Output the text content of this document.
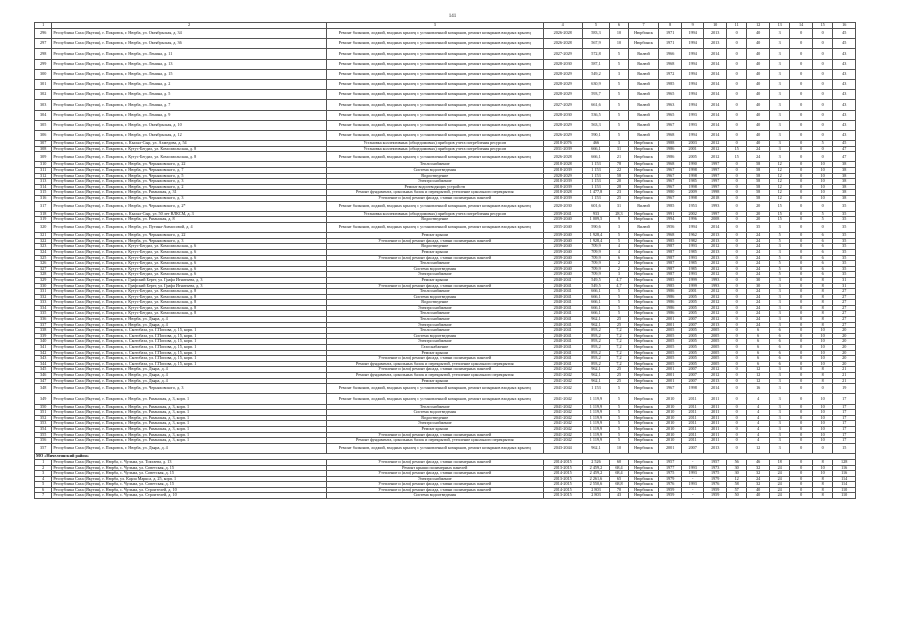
141
1	2	3	4	5	6	7	8	9	10	11	12	13	14	15	16
296	Республика Саха (Якутия), г. Покровск, г. Нюрба, ул. Октябрьская, д. 34	Ремонт балконов, лоджий, входных крылец с установленной козырьков, ремонт козырьков входных крылец	2026-2028	583,3	10	Нюрбинск	1971	1994	2013	0	40	3	0	0	45
297	Республика Саха (Якутия), г. Покровск, г. Нюрба, ул. Октябрьская, д. 36	Ремонт балконов, лоджий, входных крылец с установленной козырьков, ремонт козырьков входных крылец	2026-2028	567,9	10	Нюрбинск	1971	1994	2013	0	40	3	0	0	45
298	Республика Саха (Якутия), г. Покровск, г. Нюрба, ул. Ленина, д. 11	Ремонт балконов, лоджий, входных крылец с установленной козырьков, ремонт козырьков входных крылец	2027-2029	572,8	5	Вилюй	1966	1994	2014	0	40	3	0	0	43
299	Республика Саха (Якутия), г. Покровск, г. Нюрба, ул. Ленина, д. 13	Ремонт балконов, лоджий, входных крылец с установленной козырьков, ремонт козырьков входных крылец	2028-2030	587,1	5	Вилюй	1968	1994	2014	0	40	3	0	0	43
300	Республика Саха (Якутия), г. Покровск, г. Нюрба, ул. Ленина, д. 15	Ремонт балконов, лоджий, входных крылец с установленной козырьков, ремонт козырьков входных крылец	2028-2029	549,2	3	Вилюй	1972	1994	2014	0	40	3	0	0	43
301	Республика Саха (Якутия), г. Покровск, г. Нюрба, ул. Ленина, д. 2	Ремонт балконов, лоджий, входных крылец с установленной козырьков, ремонт козырьков входных крылец	2028-2029	630,9	5	Вилюй	1985	1994	2014	0	40	3	0	0	43
302	Республика Саха (Якутия), г. Покровск, г. Нюрба, ул. Ленина, д. 5	Ремонт балконов, лоджий, входных крылец с установленной козырьков, ремонт козырьков входных крылец	2028-2029	593,7	5	Вилюй	1965	1994	2014	0	40	3	0	0	43
303	Республика Саха (Якутия), г. Покровск, г. Нюрба, ул. Ленина, д. 7	Ремонт балконов, лоджий, входных крылец с установленной козырьков, ремонт козырьков входных крылец	2027-2029	661,6	5	Вилюй	1963	1994	2014	0	40	3	0	0	43
304	Республика Саха (Якутия), г. Покровск, г. Нюрба, ул. Ленина, д. 9	Ремонт балконов, лоджий, входных крылец с установленной козырьков, ремонт козырьков входных крылец	2028-2030	536,5	5	Вилюй	1965	1993	2014	0	40	3	0	0	43
305	Республика Саха (Якутия), г. Покровск, г. Нюрба, ул. Октябрьская, д. 10	Ремонт балконов, лоджий, входных крылец с установленной козырьков, ремонт козырьков входных крылец	2028-2029	563,3	5	Вилюй	1967	1993	2014	0	40	3	0	0	43
306	Республика Саха (Якутия), г. Покровск, г. Нюрба, ул. Октябрьская, д. 12	Ремонт балконов, лоджий, входных крылец с установленной козырьков, ремонт козырьков входных крылец	2026-2029	590,1	5	Вилюй	1968	1994	2014	0	40	3	0	0	43
307	Республика Саха (Якутия), г. Покровск, с. Кысыл-Сыр, ул. Ахмедова, д. 54	Установка коллективных (общедомовых) приборов учета потребления ресурсов	2018-2076	466	3	Нюрбинск	1988	2003	2012	0	40	3	0	5	45
308	Республика Саха (Якутия), г. Покровск, г. Кутус-Бегдил, ул. Комсомольская, д. 8	Установка коллективных (общедомовых) приборов учета потребления ресурсов	2031-2039	666,1	31	Нюрбинск	1986	2001	2012	15	24	3	0	0	47
309	Республика Саха (Якутия), г. Покровск, г. Кутус-Бегдил, ул. Комсомольская, д. 8	Ремонт балконов, лоджий, входных крылец с установленной козырьков, ремонт козырьков входных крылец	2026-2028	666,1	21	Нюрбинск	1986	2005	2012	15	24	3	0	0	47
310	Республика Саха (Якутия), г. Покровск, г. Нюрба, ул. Черняховского, д. 22	Теплоснабжение	2018-2028	1 153	78	Нюрбинск	1968	1990	1997	0	58	12	0	10	38
311	Республика Саха (Якутия), г. Покровск, г. Нюрба, ул. Черняховского, д. 7	Система водоотведения	2018-2039	1 153	22	Нюрбинск	1967	1998	1997	0	58	12	0	10	38
312	Республика Саха (Якутия), г. Покровск, г. Нюрба, ул. Черняховского, д. 5	Водоотведение	2028-2029	1 153	58	Нюрбинск	1967	1998	1997	0	58	12	0	10	38
313	Республика Саха (Якутия), г. Покровск, г. Нюрба, ул. Черняховского, д. 3	Электроснабжение	2018-2039	1 153	20	Нюрбинск	1967	1985	1997	0	58	12	0	10	38
314	Республика Саха (Якутия), г. Покровск, г. Нюрба, ул. Черняховского, д. 2	Ремонт водоотводящих устройств	2018-2039	1 153	28	Нюрбинск	1967	1998	1997	0	58	12	0	10	38
315	Республика Саха (Якутия), г. Покровск, г. Нюрба, ул. Рязанская, д. 31	Ремонт фундамента, цокольных балок и перекрытий, утепление цокольного перекрытия	2018-2028	1 477,8	23	Нюрбинск	1980	2009	1998	0	58	12	0	10	38
316	Республика Саха (Якутия), г. Покровск, г. Нюрба, ул. Черняховского, д. 3	Утепление и (или) ремонт фасада, ставни полимерных панелей	2018-2039	1 153	25	Нюрбинск	1967	1998	2018	0	58	12	0	10	38
317	Республика Саха (Якутия), г. Покровск, г. Нюрба, ул. Черняховского, д. 2*	Ремонт балконов, лоджий, входных крылец с установленной козырьков, ремонт козырьков входных крылец	2020-2030	601,6	31	Вилюй	1985	1953	1993	0	20	15	0	0	35
318	Республика Саха (Якутия), г. Покровск, с. Кысыл-Сыр, ул. 50 лет ВЛКСМ, д. 3	Установка коллективных (общедомовых) приборов учета потребления ресурсов	2039-2041	933	28,3	Нюрбинск	1991	2002	1997	0	20	15	0	5	35
319	Республика Саха (Якутия), г. Покровск, г. Нюрба, ул. Рязанская, д. 8	Водоотведение	2039-2040	1 009,5	9	Нюрбинск	1994	1996	2008	0	20	15	0	5	35
320	Республика Саха (Якутия), г. Покровск, г. Нюрба, ул. Путина-Аммосовой, д. 4	Ремонт балконов, лоджий, входных крылец с установленной козырьков, ремонт козырьков входных крылец	2035-2040	590,6	3	Вилюй	1956	1994	2014	0	35	3	0	0	35
321	Республика Саха (Якутия), г. Покровск, г. Нюрба, ул. Черняховского, д. 22	Ремонт крыши	2039-2040	1 928,4	5	Нюрбинск	1968	1962	2013	0	24	5	0	6	35
322	Республика Саха (Якутия), г. Покровск, г. Нюрба, ул. Черняховского, д. 3	Утепление и (или) ремонт фасада, ставни полимерных панелей	2039-2040	1 928,4	5	Нюрбинск	1985	1982	2013	0	24	5	0	6	35
323	Республика Саха (Якутия), г. Покровск, г. Кутус-Бегдил, ул. Комсомольская, д. 6	Водоотведение	2039-2040	709,9	4	Нюрбинск	1987	1993	2012	0	24	3	0	6	35
324	Республика Саха (Якутия), г. Покровск, г. Кутус-Бегдил, ул. Комсомольская, д. 6	Ремонт крыши	2039-2040	709,9	4	Нюрбинск	1987	1985	2013	0	24	3	0	6	35
325	Республика Саха (Якутия), г. Покровск, г. Кутус-Бегдил, ул. Комсомольская, д. 6	Утепление и (или) ремонт фасада, ставни полимерных панелей	2039-2040	709,9	6	Нюрбинск	1987	1993	2013	0	24	5	0	6	35
326	Республика Саха (Якутия), г. Покровск, г. Кутус-Бегдил, ул. Комсомольская, д. 6	Теплоснабжение	2039-2040	709,9	2	Нюрбинск	1987	1985	2012	0	24	5	0	6	35
327	Республика Саха (Якутия), г. Покровск, г. Кутус-Бегдил, ул. Комсомольская, д. 6	Система водоотведения	2039-2040	709,9	2	Нюрбинск	1987	1985	2012	0	24	5	0	6	35
328	Республика Саха (Якутия), г. Покровск, г. Кутус-Бегдил, ул. Комсомольская, д. 6	Электроснабжение	2039-2040	709,9	3	Нюрбинск	1987	1993	2012	0	24	5	0	6	35
329	Республика Саха (Якутия), г. Покровск, г. Графский Берег, ул. Графа Игнатьева, д. 3	Ремонт крыши	2040-2041	549,5	4,7	Нюрбинск	1985	1999	1993	0	30	3	0	8	31
330	Республика Саха (Якутия), г. Покровск, г. Графский Берег, ул. Графа Игнатьева, д. 3	Утепление и (или) ремонт фасада, ставни полимерных панелей	2040-2041	549,5	4,7	Нюрбинск	1985	1999	1993	0	30	3	0	8	31
331	Республика Саха (Якутия), г. Покровск, г. Кутус-Бегдил, ул. Комсомольская, д. 8	Теплоснабжение	2040-2041	666,1	5	Нюрбинск	1986	2001	2012	0	24	3	0	8	27
332	Республика Саха (Якутия), г. Покровск, г. Кутус-Бегдил, ул. Комсомольская, д. 8	Система водоотведения	2040-2041	666,1	5	Нюрбинск	1986	2005	2012	0	24	3	0	8	27
333	Республика Саха (Якутия), г. Покровск, г. Кутус-Бегдил, ул. Комсомольская, д. 8	Водоотведение	2040-2041	666,1	5	Нюрбинск	1986	2005	2012	0	24	3	0	8	27
334	Республика Саха (Якутия), г. Покровск, г. Кутус-Бегдил, ул. Комсомольская, д. 8	Электроснабжение	2040-2041	666,1	5	Нюрбинск	1986	2005	2012	0	24	3	0	8	27
335	Республика Саха (Якутия), г. Покровск, г. Кутус-Бегдил, ул. Комсомольская, д. 8	Теплоснабжение	2040-2041	666,1	5	Нюрбинск	1986	2005	2012	0	24	3	0	8	27
336	Республика Саха (Якутия), г. Покровск, г. Нюрба, ул. Дьяра, д. 4	Теплоснабжение	2040-2041	962,1	25	Нюрбинск	2001	2007	2012	0	24	3	0	8	27
337	Республика Саха (Якутия), г. Покровск, г. Нюрба, ул. Дьяра, д. 4	Электроснабжение	2040-2041	962,1	25	Нюрбинск	2001	2007	2013	0	24	3	0	8	27
338	Республика Саха (Якутия), г. Покровск, с. Скотобаза, ул. Г.Попова, д. 15, корп. 1	Теплоснабжение	2040-2041	893,2	7,2	Нюрбинск	2005	2005	2005	0	6	6	0	10	20
339	Республика Саха (Якутия), г. Покровск, с. Скотобаза, ул. Г.Попова, д. 15, корп. 1	Система водоотведения	2040-2041	893,2	7,2	Нюрбинск	2005	2005	2005	0	6	6	0	10	20
340	Республика Саха (Якутия), г. Покровск, с. Скотобаза, ул. Г.Попова, д. 15, корп. 1	Электроснабжение	2040-2041	893,2	7,2	Нюрбинск	2005	2005	2005	0	6	6	0	10	20
341	Республика Саха (Якутия), г. Покровск, с. Скотобаза, ул. Г.Попова, д. 15, корп. 1	Газоснабжение	2040-2041	893,2	7,2	Нюрбинск	2005	2005	2005	0	6	6	0	10	20
342	Республика Саха (Якутия), г. Покровск, с. Скотобаза, ул. Г.Попова, д. 15, корп. 1	Ремонт крыши	2040-2041	893,2	7,2	Нюрбинск	2005	2005	2005	0	6	6	0	10	20
343	Республика Саха (Якутия), г. Покровск, с. Скотобаза, ул. Г.Попова, д. 15, корп. 1	Утепление и (или) ремонт фасада, ставни полимерных панелей	2040-2041	893,2	7,2	Нюрбинск	2005	2005	2005	0	6	6	0	10	20
344	Республика Саха (Якутия), г. Покровск, с. Скотобаза, ул. Г.Попова, д. 15, корп. 1	Ремонт фундамента, цокольных балок и перекрытий, утепление цокольного перекрытия	2040-2041	893,2	7,2	Нюрбинск	2005	2005	2005	0	6	6	0	10	20
345	Республика Саха (Якутия), г. Покровск, г. Нюрба, ул. Дьяра, д. 4	Утепление и (или) ремонт фасада, ставни полимерных панелей	2041-2042	962,1	25	Нюрбинск	2001	2007	2012	0	12	3	0	8	21
346	Республика Саха (Якутия), г. Покровск, г. Нюрба, ул. Дьяра, д. 4	Ремонт фундамента, цокольных балок и перекрытий, утепление цокольного перекрытия	2041-2042	962,1	25	Нюрбинск	2001	2007	2012	0	12	3	0	8	21
347	Республика Саха (Якутия), г. Покровск, г. Нюрба, ул. Дьяра, д. 4	Ремонт крыши	2041-2042	962,1	25	Нюрбинск	2001	2007	2013	0	12	3	0	8	21
348	Республика Саха (Якутия), г. Покровск, г. Нюрба, ул. Черняховского, д. 3	Ремонт балконов, лоджий, входных крылец с установленной козырьков, ремонт козырьков входных крылец	2041-2042	1 153	5	Нюрбинск	1967	1998	2014	0	16	3	0	0	19
349	Республика Саха (Якутия), г. Покровск, г. Нюрба, ул. Рязанская, д. 3, корп. 1	Ремонт балконов, лоджий, входных крылец с установленной козырьков, ремонт козырьков входных крылец	2041-2042	1 119,9	5	Нюрбинск	2010	2011	2011	0	4	3	0	10	17
350	Республика Саха (Якутия), г. Покровск, г. Нюрба, ул. Рязанская, д. 3, корп. 1	Теплоснабжение	2041-2042	1 119,9	5	Нюрбинск	2010	2011	2011	0	4	3	0	10	17
351	Республика Саха (Якутия), г. Покровск, г. Нюрба, ул. Рязанская, д. 3, корп. 1	Система водоотведения	2041-2042	1 119,9	5	Нюрбинск	2010	2011	2011	0	4	3	0	10	17
352	Республика Саха (Якутия), г. Покровск, г. Нюрба, ул. Рязанская, д. 3, корп. 1	Водоотведение	2041-2042	1 119,9	5	Нюрбинск	2010	2011	2011	0	4	3	0	10	17
353	Республика Саха (Якутия), г. Покровск, г. Нюрба, ул. Рязанская, д. 3, корп. 1	Электроснабжение	2041-2042	1 119,9	5	Нюрбинск	2010	2011	2011	0	4	3	0	10	17
354	Республика Саха (Якутия), г. Покровск, г. Нюрба, ул. Рязанская, д. 3, корп. 1	Ремонт крыши	2041-2042	1 119,9	5	Нюрбинск	2010	2011	2011	0	4	3	0	10	17
355	Республика Саха (Якутия), г. Покровск, г. Нюрба, ул. Рязанская, д. 3, корп. 1	Утепление и (или) ремонт фасада, ставни полимерных панелей	2041-2042	1 119,9	5	Нюрбинск	2010	2011	2011	0	4	3	0	10	17
356	Республика Саха (Якутия), г. Покровск, г. Нюрба, ул. Рязанская, д. 3, корп. 1	Ремонт фундамента, цокольных балок и перекрытий, утепление цокольного перекрытия	2041-2042	1 119,9	5	Нюрбинск	2010	2011	2011	0	4	3	0	10	17
357	Республика Саха (Якутия), г. Покровск, г. Нюрба, ул. Дьяра, д. 4	Ремонт балконов, лоджий, входных крылец с установленной козырьков, ремонт козырьков входных крылец	2043-2044	962,1	10	Нюрбинск	2001	2007	2013	0	12	3	0	0	15
МО «Ничелгинский район»															
1	Республика Саха (Якутия), г. Нюрба, с. Чульма, ул. Токтаева, д. 13	Утепление и (или) ремонт фасада, ставни полимерных панелей	2014-2015	2 526	60	Нюрбинск	1957	-	1957	56	46	18	0	8	128
2	Республика Саха (Якутия), г. Нюрба, с. Чульма, ул. Советская, д. 15	Ремонт крыши полимерных панелей	2013-2015	2 459,2	68,4	Нюрбинск	1977	1993	1973	30	32	24	0	10	116
3	Республика Саха (Якутия), г. Нюрба, с. Чульма, ул. Советская, д. 15	Утепление и (или) ремонт фасада, ставни полимерных панелей	2014-2015	2 459,2	68,4	Нюрбинск	1975	1993	1975	30	32	24	0	10	116
4	Республика Саха (Якутия), г. Нюрба, ул. Карла Маркса, д. 25, корп. 1	Электроснабжение	2013-2015	2 261,6	65	Нюрбинск	1979	-	1979	12	24	24	0	8	114
5	Республика Саха (Якутия), г. Нюрба, с. Чульма, ул. Советская, д. 15	Утепление и (или) ремонт фасада, ставни полимерных панелей	2014-2015	2 550,6	68,8	Нюрбинск	1976	1993	1976	58	32	24	0	8	114
6	Республика Саха (Якутия), г. Нюрба, с. Чульма, ул. Строителей, д. 10	Утепление и (или) ремонт фасада, ставни полимерных панелей	2014-2015	2 803	70	Нюрбинск	1959	-	1959	57	40	24	0	8	110
7	Республика Саха (Якутия), г. Нюрба, с. Чульма, ул. Строителей, д. 10	Система водоотведения	2013-2015	2 803	43	Нюрбинск	1959	-	1959	50	40	24	0	8	110
